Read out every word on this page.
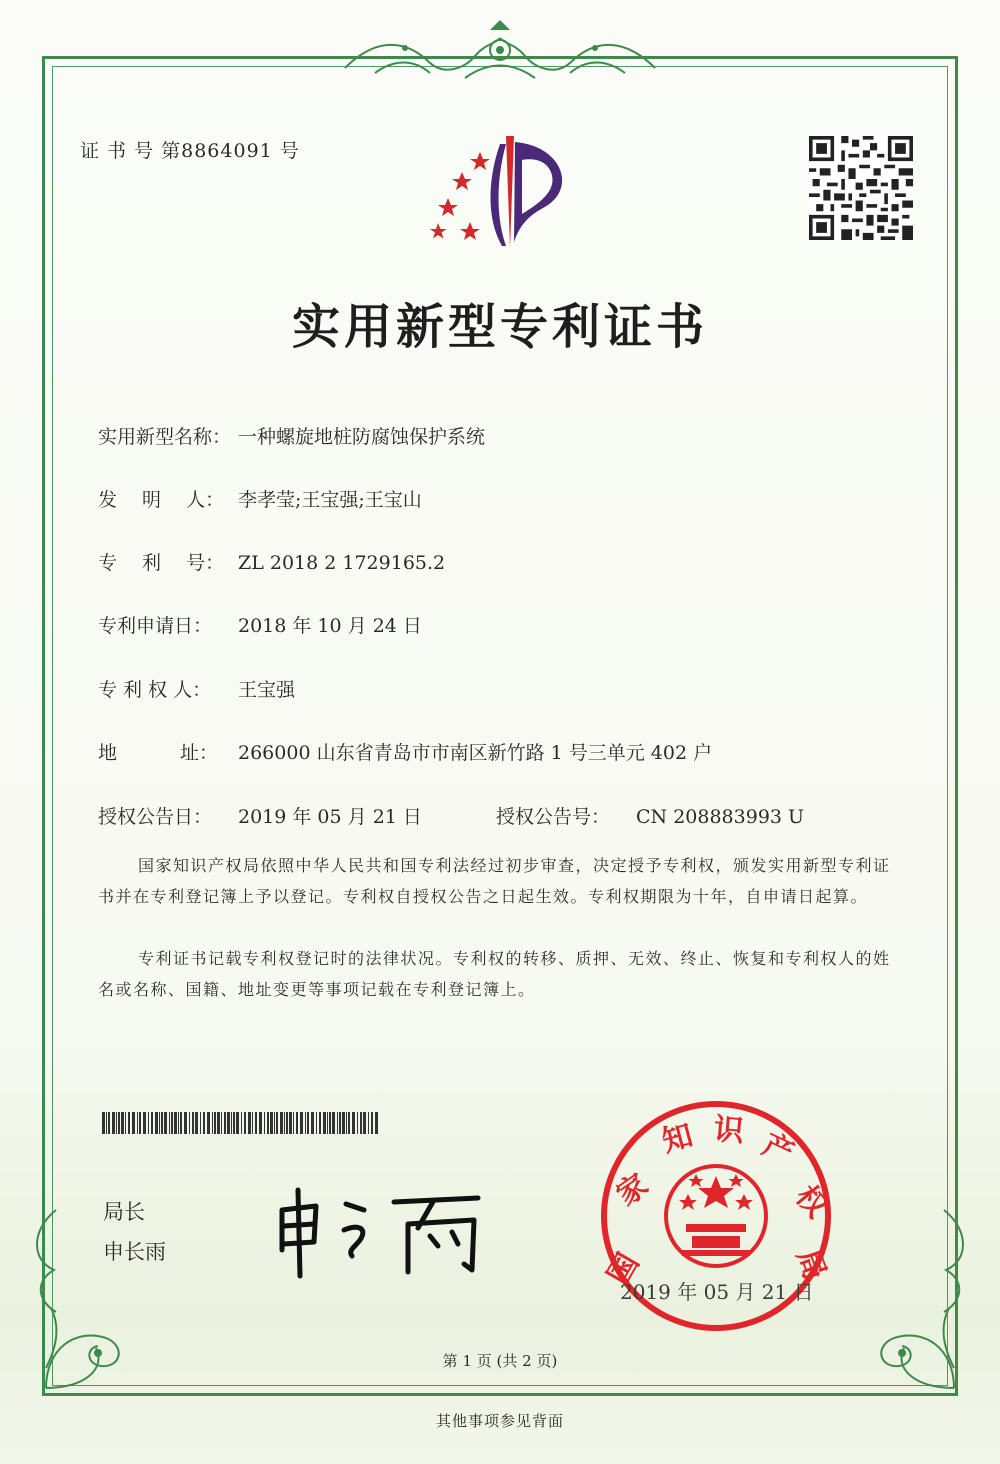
证 书 号 第8864091 号
实用新型专利证书
实用新型名称： 一种螺旋地桩防腐蚀保护系统
发　 明　 人： 李孝莹;王宝强;王宝山
专　 利　 号： ZL 2018 2 1729165.2
专利申请日： 2018 年 10 月 24 日
专 利 权 人： 王宝强
地　　　 址： 266000 山东省青岛市市南区新竹路 1 号三单元 402 户
授权公告日： 2019 年 05 月 21 日	授权公告号： CN 208883993 U
国家知识产权局依照中华人民共和国专利法经过初步审查，决定授予专利权，颁发实用新型专利证书并在专利登记簿上予以登记。专利权自授权公告之日起生效。专利权期限为十年，自申请日起算。
专利证书记载专利权登记时的法律状况。专利权的转移、质押、无效、终止、恢复和专利权人的姓名或名称、国籍、地址变更等事项记载在专利登记簿上。
局长
申长雨	国
家
知 识 产
权
局
2019 年 05 月 21 日
第 1 页 (共 2 页)
其他事项参见背面
